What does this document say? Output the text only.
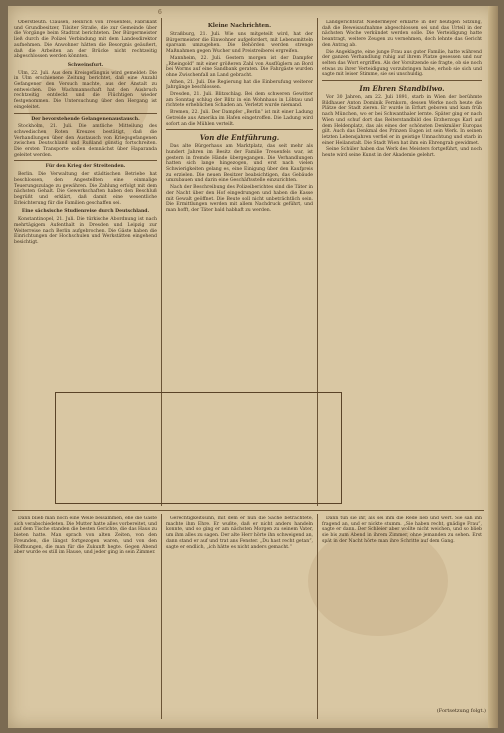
6

Oberstleutn. Clausen, Heinrich von Treuenfels, Fabrikant und Grundbesitzer, Tilsiter Straße, die zur Gemeinde über die Vorgänge beim Stadtrat berichteten. Der Bürgermeister ließ durch die Polizei Verbindung mit dem Landesdirektor aufnehmen. Die Anwohner hätten die Besorgnis geäußert, daß die Arbeiten an der Brücke nicht rechtzeitig abgeschlossen werden könnten.

Schweinsfurt.

Ulm, 22. Juli. Aus dem Kreisgefängnis wird gemeldet: Die in Ulm erschienene Zeitung berichtet, daß eine Anzahl Gefangener den Versuch machte, aus der Anstalt zu entweichen. Die Wachmannschaft hat den Ausbruch rechtzeitig entdeckt und die Flüchtigen wieder festgenommen. Die Untersuchung über den Hergang ist eingeleitet.

Der bevorstehende Gelangenenaustausch.

Stockholm, 21. Juli. Die amtliche Mitteilung des schwedischen Roten Kreuzes bestätigt, daß die Verhandlungen über den Austausch von Kriegsgefangenen zwischen Deutschland und Rußland günstig fortschreiten. Die ersten Transporte sollen demnächst über Haparanda geleitet werden.

Für den Krieg der Streitenden.

Berlin. Die Verwaltung der städtischen Betriebe hat beschlossen, den Angestellten eine einmalige Teuerungszulage zu gewähren. Die Zahlung erfolgt mit dem nächsten Gehalt. Die Gewerkschaften haben den Beschluß begrüßt und erklärt, daß damit eine wesentliche Erleichterung für die Familien geschaffen sei.

Eine sächsische Studienreise durch Deutschland.

Konstantinopel, 21. Juli. Die türkische Abordnung ist nach mehrtägigem Aufenthalt in Dresden und Leipzig zur Weiterreise nach Berlin aufgebrochen. Die Gäste haben die Einrichtungen der Hochschulen und Werkstätten eingehend besichtigt.

Kleine Nachrichten.

Straßburg, 21. Juli. Wie uns mitgeteilt wird, hat der Bürgermeister die Einwohner aufgefordert, mit Lebensmitteln sparsam umzugehen. Die Behörden werden strenge Maßnahmen gegen Wucher und Preistreiberei ergreifen.

Mannheim, 22. Juli. Gestern morgen ist der Dampfer „Rheingold“ mit einer größeren Zahl von Ausflüglern an Bord bei Worms auf eine Sandbank geraten. Die Fahrgäste wurden ohne Zwischenfall an Land gebracht.

Athen, 21. Juli. Die Regierung hat die Einberufung weiterer Jahrgänge beschlossen.

Dresden, 21. Juli. Blitzschlag. Bei dem schweren Gewitter am Sonntag schlug der Blitz in ein Wohnhaus in Löbtau und richtete erheblichen Schaden an. Verletzt wurde niemand.

Bremen, 22. Juli. Der Dampfer „Berlin“ ist mit einer Ladung Getreide aus Amerika im Hafen eingetroffen. Die Ladung wird sofort an die Mühlen verteilt.

Von die Entführung.

Das alte Bürgerhaus am Marktplatz, das seit mehr als hundert Jahren im Besitz der Familie Treuenfels war, ist gestern in fremde Hände übergegangen. Die Verhandlungen hatten sich lange hingezogen, und erst nach vielen Schwierigkeiten gelang es, eine Einigung über den Kaufpreis zu erzielen. Die neuen Besitzer beabsichtigen, das Gebäude umzubauen und darin eine Geschäftsstelle einzurichten.

Nach der Beschreibung des Polizeiberichtes sind die Täter in der Nacht über den Hof eingedrungen und haben die Kasse mit Gewalt geöffnet. Die Beute soll nicht unbeträchtlich sein. Die Ermittlungen werden mit allem Nachdruck geführt, und man hofft, der Täter bald habhaft zu werden.

Landgerichtsrat Niedermeyer erklärte in der heutigen Sitzung, daß die Beweisaufnahme abgeschlossen sei und das Urteil in der nächsten Woche verkündet werden solle. Die Verteidigung hatte beantragt, weitere Zeugen zu vernehmen, doch lehnte das Gericht den Antrag ab.

Die Angeklagte, eine junge Frau aus guter Familie, hatte während der ganzen Verhandlung ruhig auf ihrem Platze gesessen und nur selten das Wort ergriffen. Als der Vorsitzende sie fragte, ob sie noch etwas zu ihrer Verteidigung vorzubringen habe, erhob sie sich und sagte mit leiser Stimme, sie sei unschuldig.

Im Ehren Standbilwo.

Vor 30 Jahren, am 22. Juli 1891, starb in Wien der berühmte Bildhauer Anton Dominik Fernkorn, dessen Werke noch heute die Plätze der Stadt zieren. Er wurde in Erfurt geboren und kam früh nach München, wo er bei Schwanthaler lernte. Später ging er nach Wien und schuf dort das Reiterstandbild des Erzherzogs Karl auf dem Heldenplatz, das als eines der schönsten Denkmäler Europas gilt. Auch das Denkmal des Prinzen Eugen ist sein Werk. In seinen letzten Lebensjahren verfiel er in geistige Umnachtung und starb in einer Heilanstalt. Die Stadt Wien hat ihm ein Ehrengrab gewidmet.

Seine Schüler haben das Werk des Meisters fortgeführt, und noch heute wird seine Kunst in der Akademie gelehrt.

Dann blieb man noch eine Weile beisammen, ehe die Gäste sich verabschiedeten. Die Mutter hatte alles vorbereitet, und auf dem Tische standen die besten Gerichte, die das Haus zu bieten hatte. Man sprach von alten Zeiten, von den Freunden, die längst fortgezogen waren, und von den Hoffnungen, die man für die Zukunft hegte. Gegen Abend aber wurde es still im Hause, und jeder ging in sein Zimmer.

Gerechtigkeitssinn, mit dem er nun die Sache betrachtete, machte ihm Ehre. Er wußte, daß er nicht anders handeln konnte, und so ging er am nächsten Morgen zu seinem Vater, um ihm alles zu sagen. Der alte Herr hörte ihn schweigend an, dann stand er auf und trat ans Fenster. „Du hast recht getan“, sagte er endlich, „ich hätte es nicht anders gemacht.“

Dann tun sie ihr, als sei ihm die Rede lieb und wert. Sie sah ihn fragend an, und er nickte stumm. „Sie haben recht, gnädige Frau“, sagte er dann. Der Schleier aber wollte nicht weichen, und so blieb sie bis zum Abend in ihrem Zimmer, ohne jemanden zu sehen. Erst spät in der Nacht hörte man ihre Schritte auf dem Gang.

(Fortsetzung folgt.)
